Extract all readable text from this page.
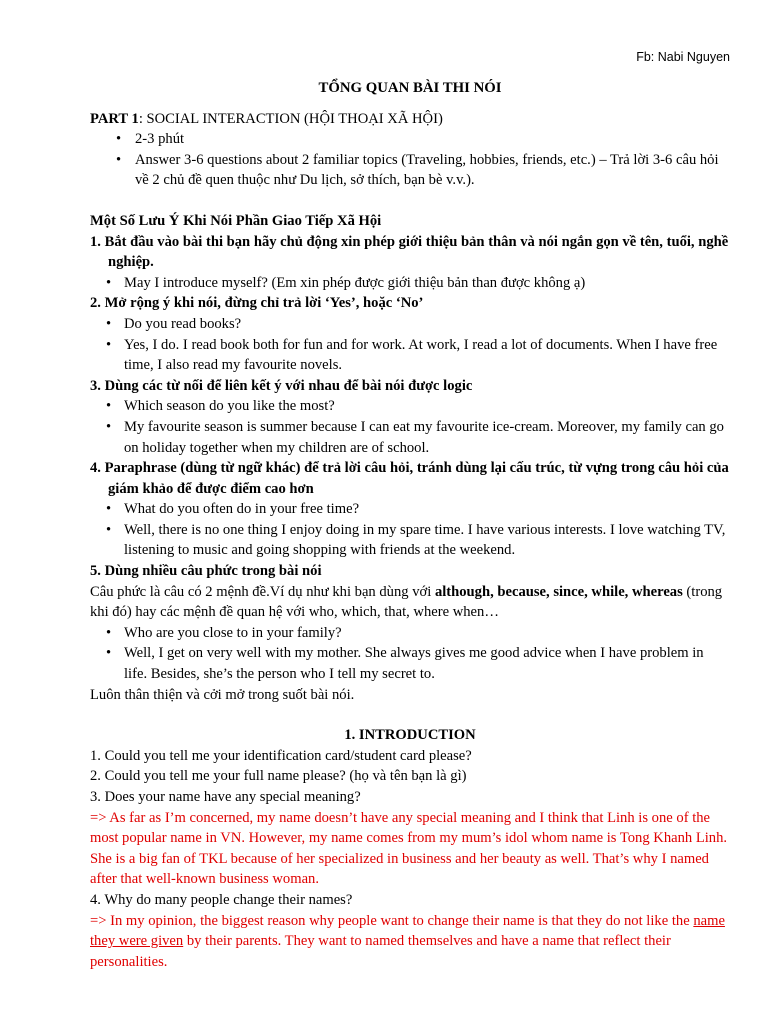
Fb: Nabi Nguyen

TỔNG QUAN BÀI THI NÓI

PART 1: SOCIAL INTERACTION (HỘI THOẠI XÃ HỘI)

• 2-3 phút
• Answer 3-6 questions about 2 familiar topics (Traveling, hobbies, friends, etc.) – Trả lời 3-6 câu hỏi về 2 chủ đề quen thuộc như Du lịch, sở thích, bạn bè v.v.).

Một Số Lưu Ý Khi Nói Phần Giao Tiếp Xã Hội

1. Bắt đầu vào bài thi bạn hãy chủ động xin phép giới thiệu bản thân và nói ngắn gọn về tên, tuổi, nghề nghiệp.

• May I introduce myself? (Em xin phép được giới thiệu bản than được không ạ)

2. Mở rộng ý khi nói, đừng chỉ trả lời ‘Yes’, hoặc ‘No’

• Do you read books?
• Yes, I do. I read book both for fun and for work. At work, I read a lot of documents. When I have free time, I also read my favourite novels.

3. Dùng các từ nối để liên kết ý với nhau để bài nói được logic

• Which season do you like the most?
• My favourite season is summer because I can eat my favourite ice-cream. Moreover, my family can go on holiday together when my children are of school.

4. Paraphrase (dùng từ ngữ khác) để trả lời câu hỏi, tránh dùng lại cấu trúc, từ vựng trong câu hỏi của giám khảo để được điểm cao hơn

• What do you often do in your free time?
• Well, there is no one thing I enjoy doing in my spare time. I have various interests. I love watching TV, listening to music and going shopping with friends at the weekend.

5. Dùng nhiều câu phức trong bài nói

Câu phức là câu có 2 mệnh đề.Ví dụ như khi bạn dùng với although, because, since, while, whereas (trong khi đó) hay các mệnh đề quan hệ với who, which, that, where when…

• Who are you close to in your family?
• Well, I get on very well with my mother. She always gives me good advice when I have problem in life. Besides, she’s the person who I tell my secret to.

Luôn thân thiện và cởi mở trong suốt bài nói.

1. INTRODUCTION

1. Could you tell me your identification card/student card please?

2. Could you tell me your full name please? (họ và tên bạn là gì)

3. Does your name have any special meaning?

=> As far as I’m concerned, my name doesn’t have any special meaning and I think that Linh is one of the most popular name in VN. However, my name comes from my mum’s idol whom name is Tong Khanh Linh. She is a big fan of TKL because of her specialized in business and her beauty as well. That’s why I named after that well-known business woman.

4. Why do many people change their names?

=> In my opinion, the biggest reason why people want to change their name is that they do not like the name they were given by their parents. They want to named themselves and have a name that reflect their personalities.
